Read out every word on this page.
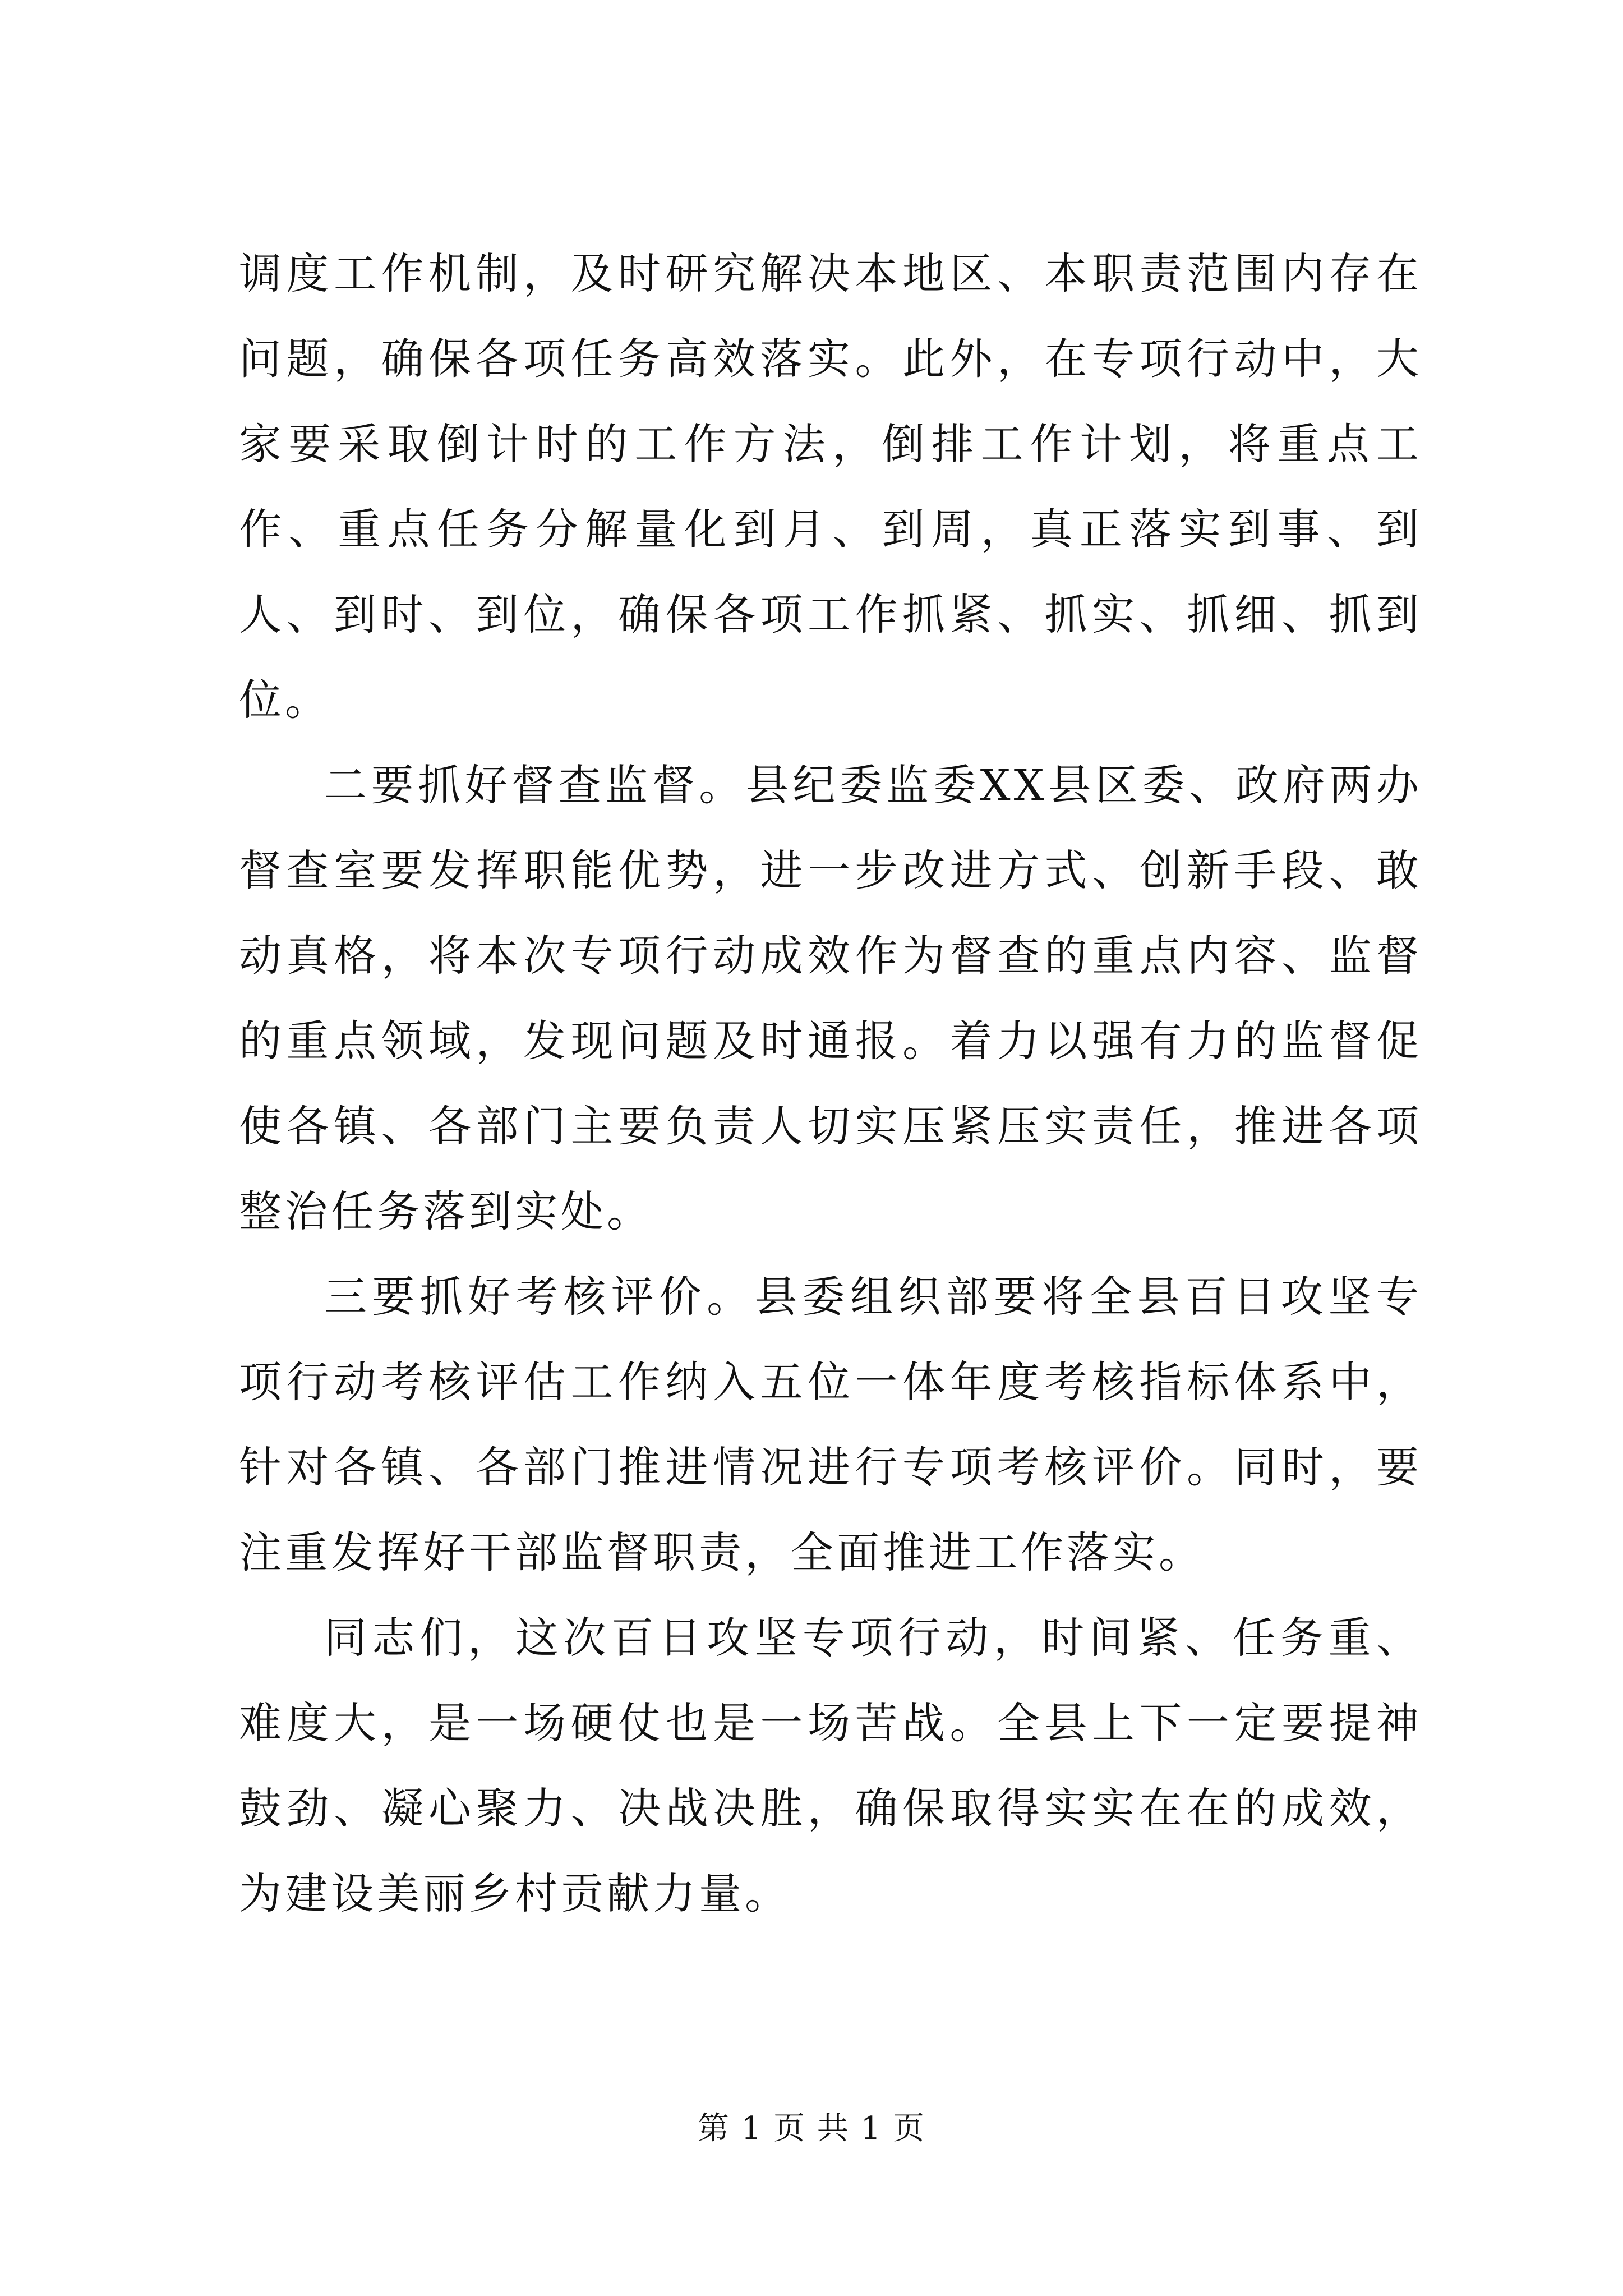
调度工作机制，及时研究解决本地区、本职责范围内存在问题，确保各项任务高效落实。此外，在专项行动中，大家要采取倒计时的工作方法，倒排工作计划，将重点工作、重点任务分解量化到月、到周，真正落实到事、到人、到时、到位，确保各项工作抓紧、抓实、抓细、抓到位。

二要抓好督查监督。县纪委监委XX县区委、政府两办督查室要发挥职能优势，进一步改进方式、创新手段、敢动真格，将本次专项行动成效作为督查的重点内容、监督的重点领域，发现问题及时通报。着力以强有力的监督促使各镇、各部门主要负责人切实压紧压实责任，推进各项整治任务落到实处。

三要抓好考核评价。县委组织部要将全县百日攻坚专项行动考核评估工作纳入五位一体年度考核指标体系中，针对各镇、各部门推进情况进行专项考核评价。同时，要注重发挥好干部监督职责，全面推进工作落实。

同志们，这次百日攻坚专项行动，时间紧、任务重、难度大，是一场硬仗也是一场苦战。全县上下一定要提神鼓劲、凝心聚力、决战决胜，确保取得实实在在的成效，为建设美丽乡村贡献力量。

第 1 页 共 1 页
